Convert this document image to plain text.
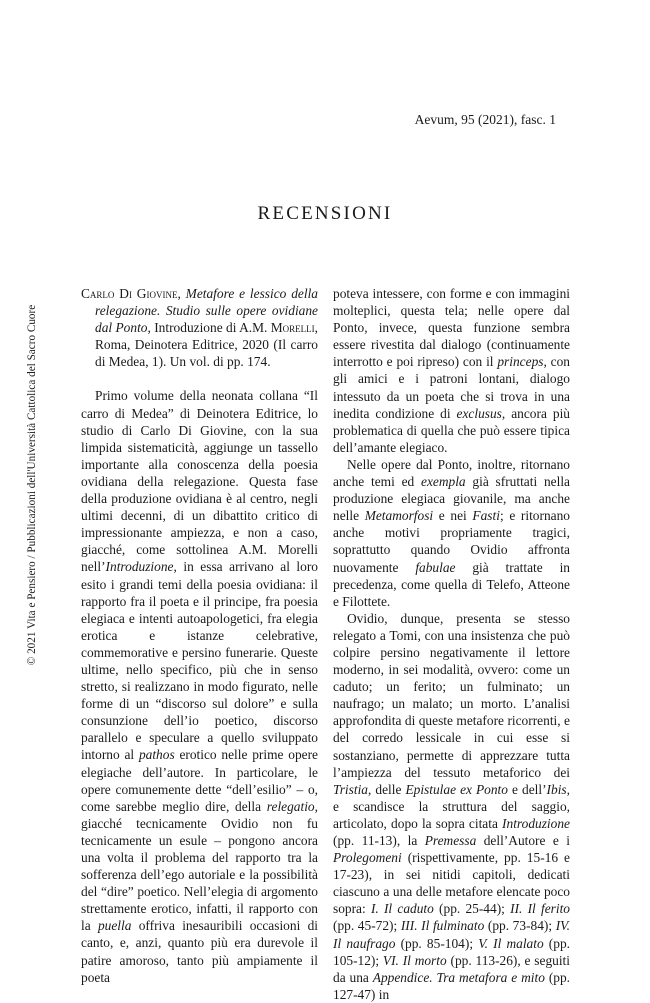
Aevum, 95 (2021), fasc. 1
RECENSIONI
© 2021 Vita e Pensiero / Pubblicazioni dell'Università Cattolica del Sacro Cuore

Carlo Di Giovine, Metafore e lessico della relegazione. Studio sulle opere ovidiane dal Ponto, Introduzione di A.M. Morelli, Roma, Deinotera Editrice, 2020 (Il carro di Medea, 1). Un vol. di pp. 174.

Primo volume della neonata collana “Il carro di Medea” di Deinotera Editrice, lo studio di Carlo Di Giovine, con la sua limpida sistematicità, aggiunge un tassello importante alla conoscenza della poesia ovidiana della relegazione. Questa fase della produzione ovidiana è al centro, negli ultimi decenni, di un dibattito critico di impressionante ampiezza, e non a caso, giacché, come sottolinea A.M. Morelli nell’Introduzione, in essa arrivano al loro esito i grandi temi della poesia ovidiana: il rapporto fra il poeta e il principe, fra poesia elegiaca e intenti autoapologetici, fra elegia erotica e istanze celebrative, commemorative e persino funerarie. Queste ultime, nello specifico, più che in senso stretto, si realizzano in modo figurato, nelle forme di un “discorso sul dolore” e sulla consunzione dell’io poetico, discorso parallelo e speculare a quello sviluppato intorno al pathos erotico nelle prime opere elegiache dell’autore. In particolare, le opere comunemente dette “dell’esilio” – o, come sarebbe meglio dire, della relegatio, giacché tecnicamente Ovidio non fu tecnicamente un esule – pongono ancora una volta il problema del rapporto tra la sofferenza dell’ego autoriale e la possibilità del “dire” poetico. Nell’elegia di argomento strettamente erotico, infatti, il rapporto con la puella offriva inesauribili occasioni di canto, e, anzi, quanto più era durevole il patire amoroso, tanto più ampiamente il poeta

poteva intessere, con forme e con immagini molteplici, questa tela; nelle opere dal Ponto, invece, questa funzione sembra essere rivestita dal dialogo (continuamente interrotto e poi ripreso) con il princeps, con gli amici e i patroni lontani, dialogo intessuto da un poeta che si trova in una inedita condizione di exclusus, ancora più problematica di quella che può essere tipica dell’amante elegiaco.

Nelle opere dal Ponto, inoltre, ritornano anche temi ed exempla già sfruttati nella produzione elegiaca giovanile, ma anche nelle Metamorfosi e nei Fasti; e ritornano anche motivi propriamente tragici, soprattutto quando Ovidio affronta nuovamente fabulae già trattate in precedenza, come quella di Telefo, Atteone e Filottete.

Ovidio, dunque, presenta se stesso relegato a Tomi, con una insistenza che può colpire persino negativamente il lettore moderno, in sei modalità, ovvero: come un caduto; un ferito; un fulminato; un naufrago; un malato; un morto. L’analisi approfondita di queste metafore ricorrenti, e del corredo lessicale in cui esse si sostanziano, permette di apprezzare tutta l’ampiezza del tessuto metaforico dei Tristia, delle Epistulae ex Ponto e dell’Ibis, e scandisce la struttura del saggio, articolato, dopo la sopra citata Introduzione (pp. 11-13), la Premessa dell’Autore e i Prolegomeni (rispettivamente, pp. 15-16 e 17-23), in sei nitidi capitoli, dedicati ciascuno a una delle metafore elencate poco sopra: I. Il caduto (pp. 25-44); II. Il ferito (pp. 45-72); III. Il fulminato (pp. 73-84); IV. Il naufrago (pp. 85-104); V. Il malato (pp. 105-12); VI. Il morto (pp. 113-26), e seguiti da una Appendice. Tra metafora e mito (pp. 127-47) in
